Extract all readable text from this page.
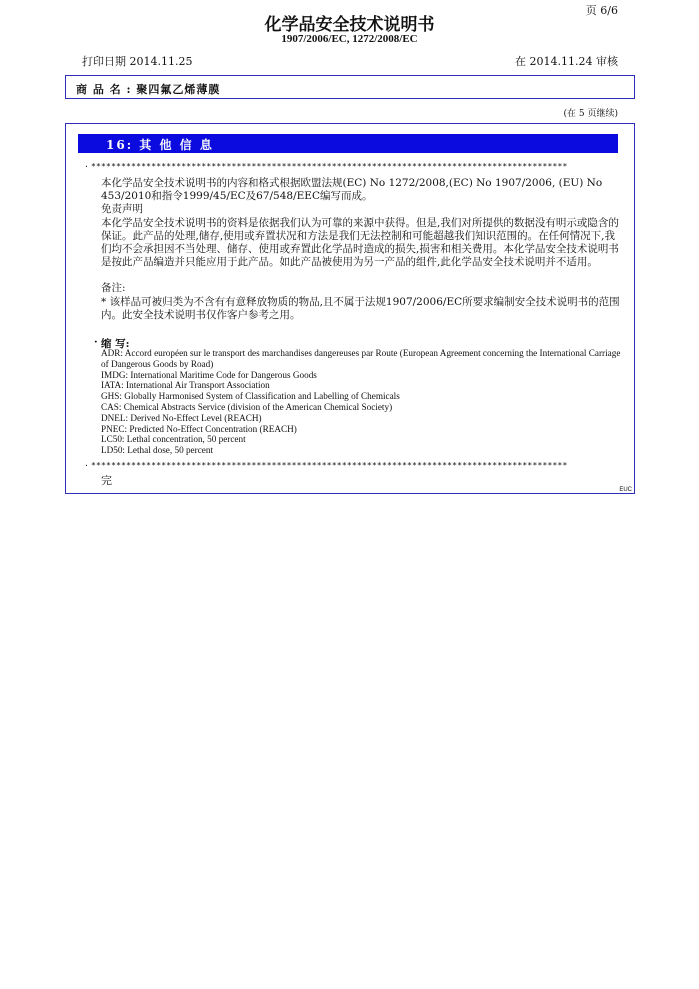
页 6/6
化学品安全技术说明书
1907/2006/EC, 1272/2008/EC
打印日期 2014.11.25	在 2014.11.24 审核
商 品 名 : 聚四氟乙烯薄膜
(在 5 页继续)
16: 其 他 信 息
· ***********************************************************************************************

本化学品安全技术说明书的内容和格式根据欧盟法规(EC) No 1272/2008,(EC) No 1907/2006, (EU) No 453/2010和指令1999/45/EC及67/548/EEC编写而成。

免责声明

本化学品安全技术说明书的资料是依据我们认为可靠的来源中获得。但是,我们对所提供的数据没有明示或隐含的保证。此产品的处理,储存,使用或弃置状况和方法是我们无法控制和可能超越我们知识范围的。在任何情况下,我们均不会承担因不当处理、储存、使用或弃置此化学品时造成的损失,损害和相关费用。本化学品安全技术说明书是按此产品编造并只能应用于此产品。如此产品被使用为另一产品的组件,此化学品安全技术说明并不适用。

备注:

* 该样品可被归类为不含有有意释放物质的物品,且不属于法规1907/2006/EC所要求编制安全技术说明书的范围内。此安全技术说明书仅作客户参考之用。

· 缩 写:

ADR: Accord européen sur le transport des marchandises dangereuses par Route (European Agreement concerning the International Carriage of Dangerous Goods by Road)

IMDG: International Maritime Code for Dangerous Goods

IATA: International Air Transport Association

GHS: Globally Harmonised System of Classification and Labelling of Chemicals

CAS: Chemical Abstracts Service (division of the American Chemical Society)

DNEL: Derived No-Effect Level (REACH)

PNEC: Predicted No-Effect Concentration (REACH)

LC50: Lethal concentration, 50 percent

LD50: Lethal dose, 50 percent

· ***********************************************************************************************
完
EUC
